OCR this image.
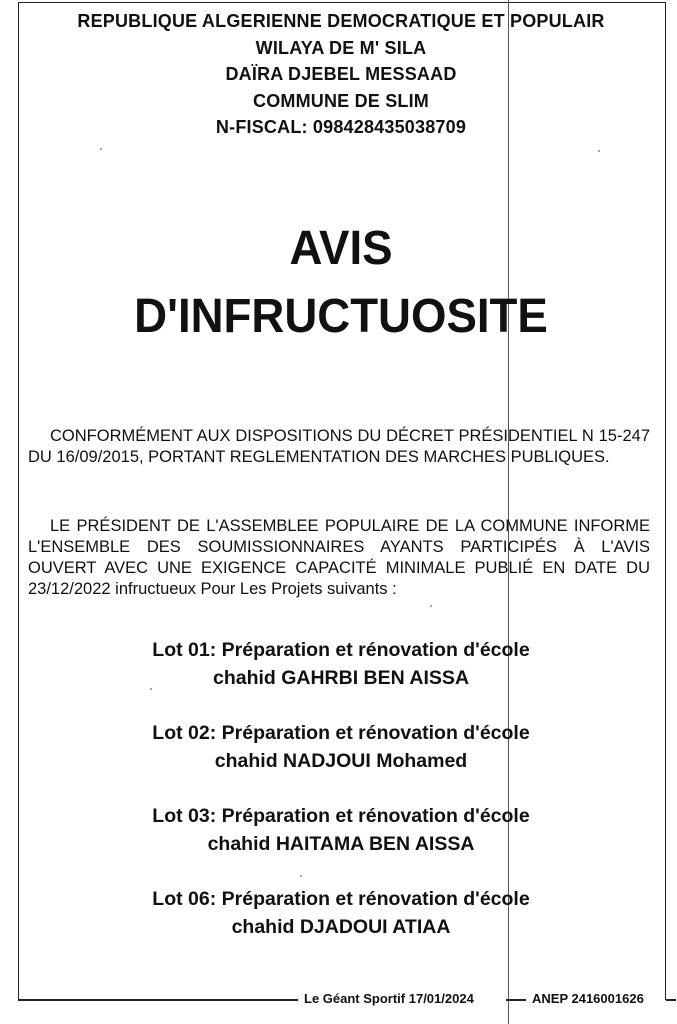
REPUBLIQUE ALGERIENNE DEMOCRATIQUE ET POPULAIR
WILAYA DE M' SILA
DAÏRA DJEBEL MESSAAD
COMMUNE DE SLIM
N-FISCAL: 098428435038709
AVIS
D'INFRUCTUOSITE
CONFORMÉMENT AUX DISPOSITIONS DU DÉCRET PRÉSIDENTIEL N 15-247 DU 16/09/2015, PORTANT REGLEMENTATION DES MARCHES PUBLIQUES.
LE PRÉSIDENT DE L'ASSEMBLEE POPULAIRE DE LA COMMUNE INFORME L'ENSEMBLE DES SOUMISSIONNAIRES AYANTS PARTICIPÉS À L'AVIS OUVERT AVEC UNE EXIGENCE CAPACITÉ MINIMALE PUBLIÉ EN DATE DU 23/12/2022 infructueux Pour Les Projets suivants :
Lot 01: Préparation et rénovation d'école
chahid GAHRBI BEN AISSA
Lot 02: Préparation et rénovation d'école
chahid NADJOUI Mohamed
Lot 03: Préparation et rénovation d'école
chahid HAITAMA BEN AISSA
Lot 06: Préparation et rénovation d'école
chahid DJADOUI ATIAA
Le Géant Sportif 17/01/2024	ANEP 2416001626
